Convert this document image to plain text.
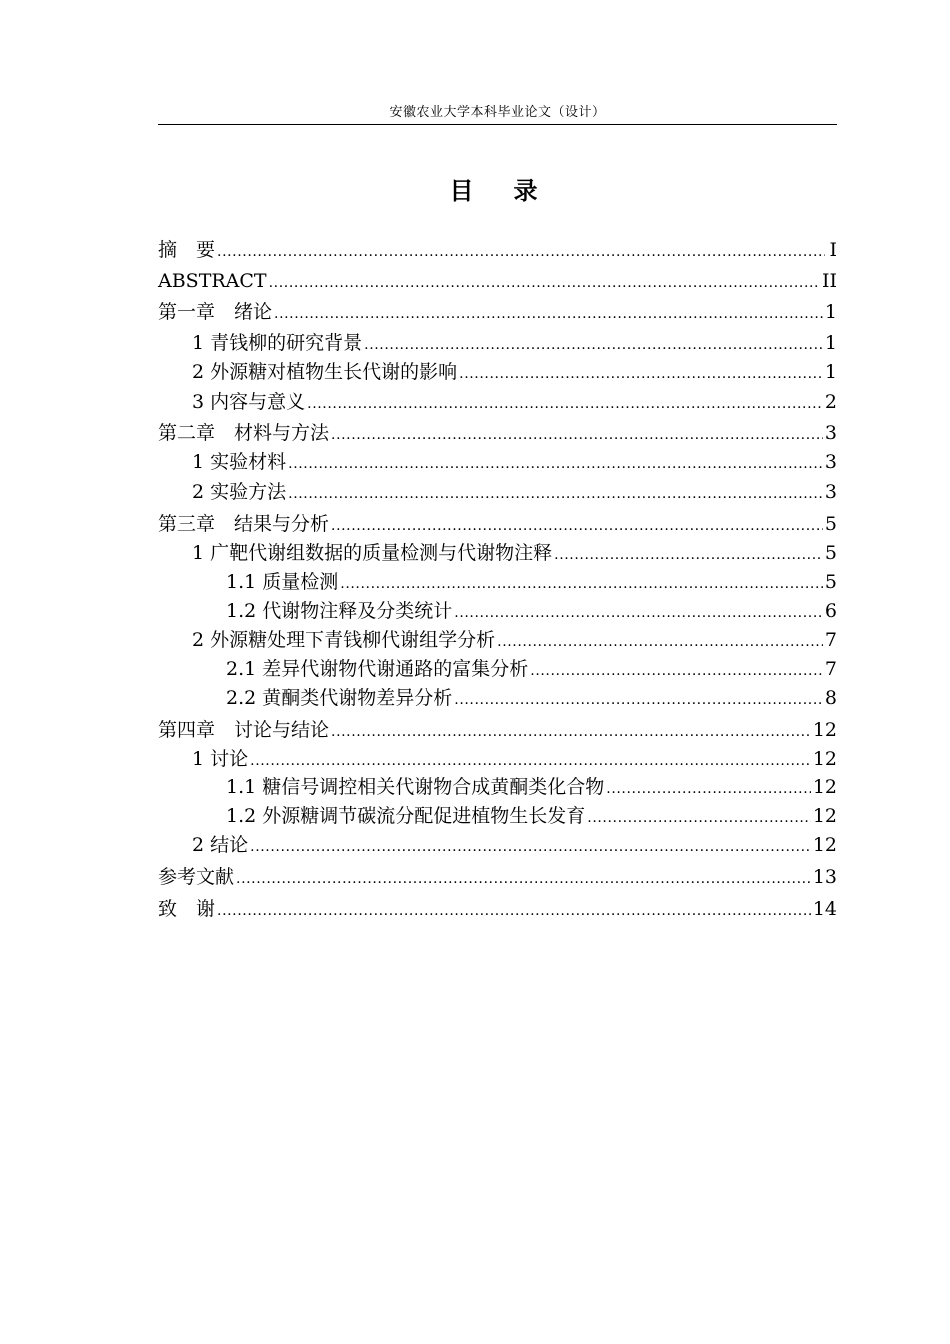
安徽农业大学本科毕业论文（设计）
目　录
摘　要 .....	I
ABSTRACT .....	II
第一章　绪论 .....	1
1 青钱柳的研究背景 .....	1
2 外源糖对植物生长代谢的影响 .....	1
3 内容与意义 .....	2
第二章　材料与方法 .....	3
1 实验材料 .....	3
2 实验方法 .....	3
第三章　结果与分析 .....	5
1 广靶代谢组数据的质量检测与代谢物注释 .....	5
1.1 质量检测 .....	5
1.2 代谢物注释及分类统计 .....	6
2 外源糖处理下青钱柳代谢组学分析 .....	7
2.1 差异代谢物代谢通路的富集分析 .....	7
2.2 黄酮类代谢物差异分析 .....	8
第四章　讨论与结论 .....	12
1 讨论 .....	12
1.1 糖信号调控相关代谢物合成黄酮类化合物 .....	12
1.2 外源糖调节碳流分配促进植物生长发育 .....	12
2 结论 .....	12
参考文献 .....	13
致　谢 .....	14
